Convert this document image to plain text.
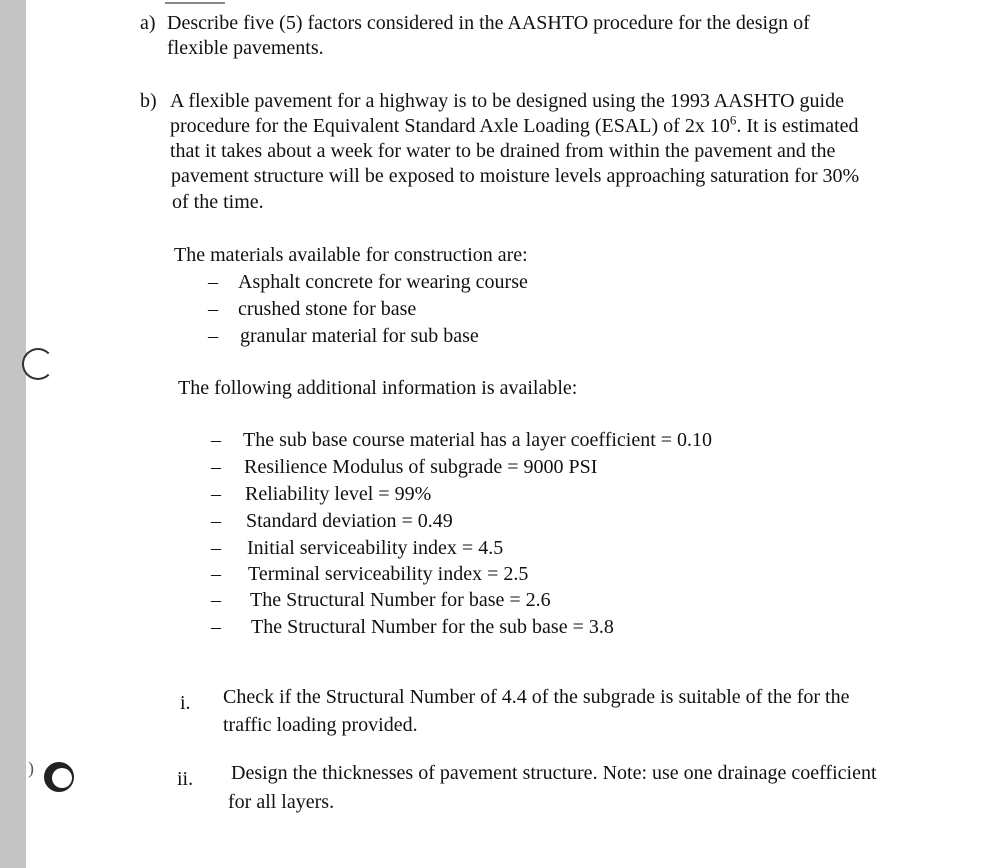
)
a) Describe five (5) factors considered in the AASHTO procedure for the design of
flexible pavements.
b) A flexible pavement for a highway is to be designed using the 1993 AASHTO guide
procedure for the Equivalent Standard Axle Loading (ESAL) of 2x $10^6$. It is estimated
that it takes about a week for water to be drained from within the pavement and the
pavement structure will be exposed to moisture levels approaching saturation for 30%
of the time.
The materials available for construction are:
– Asphalt concrete for wearing course
– crushed stone for base
– granular material for sub base
The following additional information is available:
– The sub base course material has a layer coefficient = 0.10
– Resilience Modulus of subgrade = 9000 PSI
– Reliability level = 99%
– Standard deviation = 0.49
– Initial serviceability index = 4.5
– Terminal serviceability index = 2.5
– The Structural Number for base = 2.6
– The Structural Number for the sub base = 3.8
i. Check if the Structural Number of 4.4 of the subgrade is suitable of the for the
traffic loading provided.
ii. Design the thicknesses of pavement structure. Note: use one drainage coefficient
for all layers.
